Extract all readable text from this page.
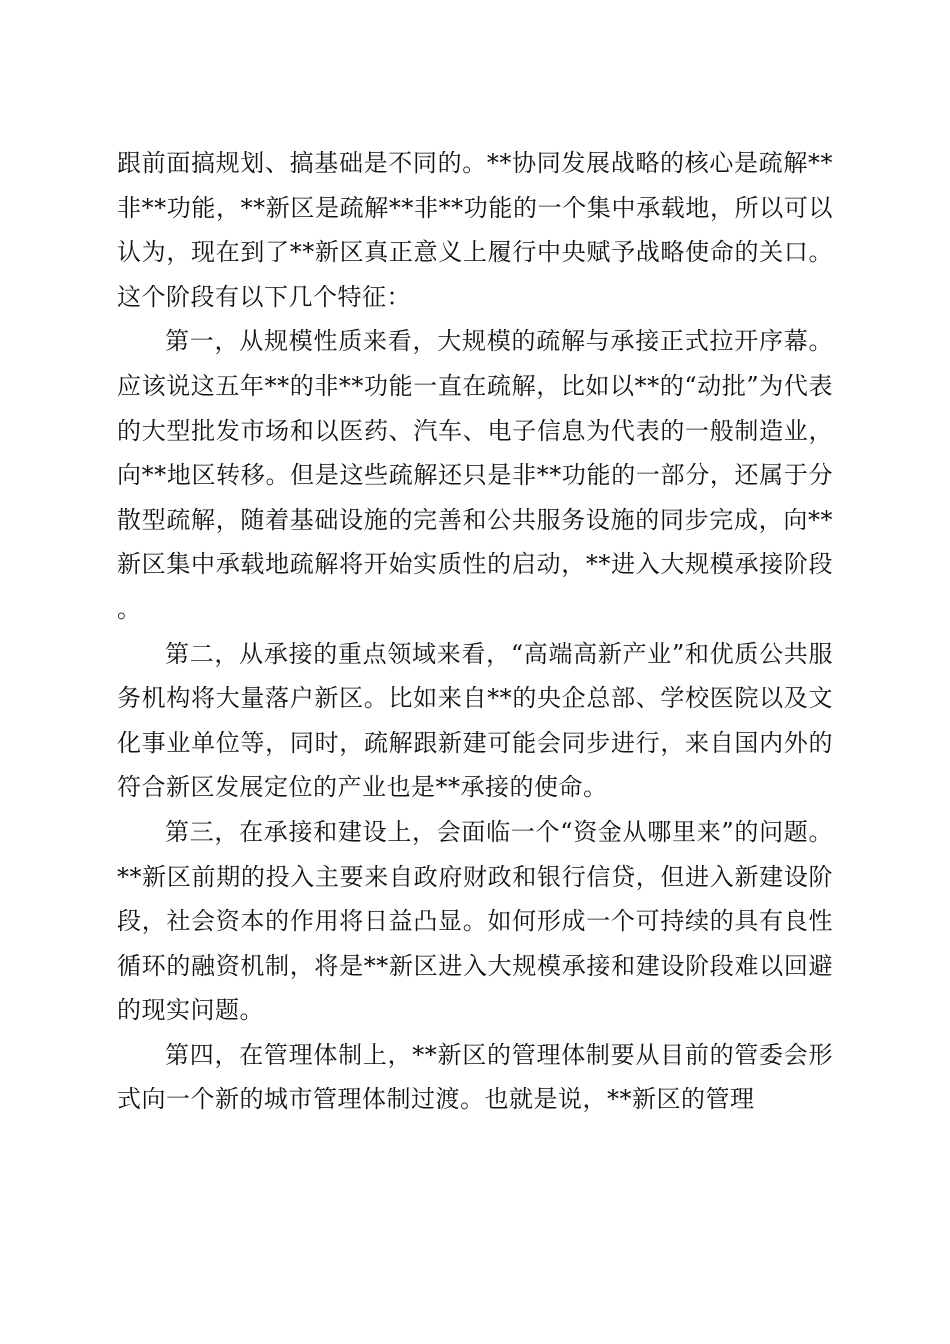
跟前面搞规划、搞基础是不同的。**协同发展战略的核心是疏解**非**功能，**新区是疏解**非**功能的一个集中承载地，所以可以认为，现在到了**新区真正意义上履行中央赋予战略使命的关口。这个阶段有以下几个特征：

第一，从规模性质来看，大规模的疏解与承接正式拉开序幕。应该说这五年**的非**功能一直在疏解，比如以**的“动批”为代表的大型批发市场和以医药、汽车、电子信息为代表的一般制造业，向**地区转移。但是这些疏解还只是非**功能的一部分，还属于分散型疏解，随着基础设施的完善和公共服务设施的同步完成，向**新区集中承载地疏解将开始实质性的启动，**进入大规模承接阶段。

第二，从承接的重点领域来看，“高端高新产业”和优质公共服务机构将大量落户新区。比如来自**的央企总部、学校医院以及文化事业单位等，同时，疏解跟新建可能会同步进行，来自国内外的符合新区发展定位的产业也是**承接的使命。

第三，在承接和建设上，会面临一个“资金从哪里来”的问题。**新区前期的投入主要来自政府财政和银行信贷，但进入新建设阶段，社会资本的作用将日益凸显。如何形成一个可持续的具有良性循环的融资机制，将是**新区进入大规模承接和建设阶段难以回避的现实问题。

第四，在管理体制上，**新区的管理体制要从目前的管委会形式向一个新的城市管理体制过渡。也就是说，**新区的管理
